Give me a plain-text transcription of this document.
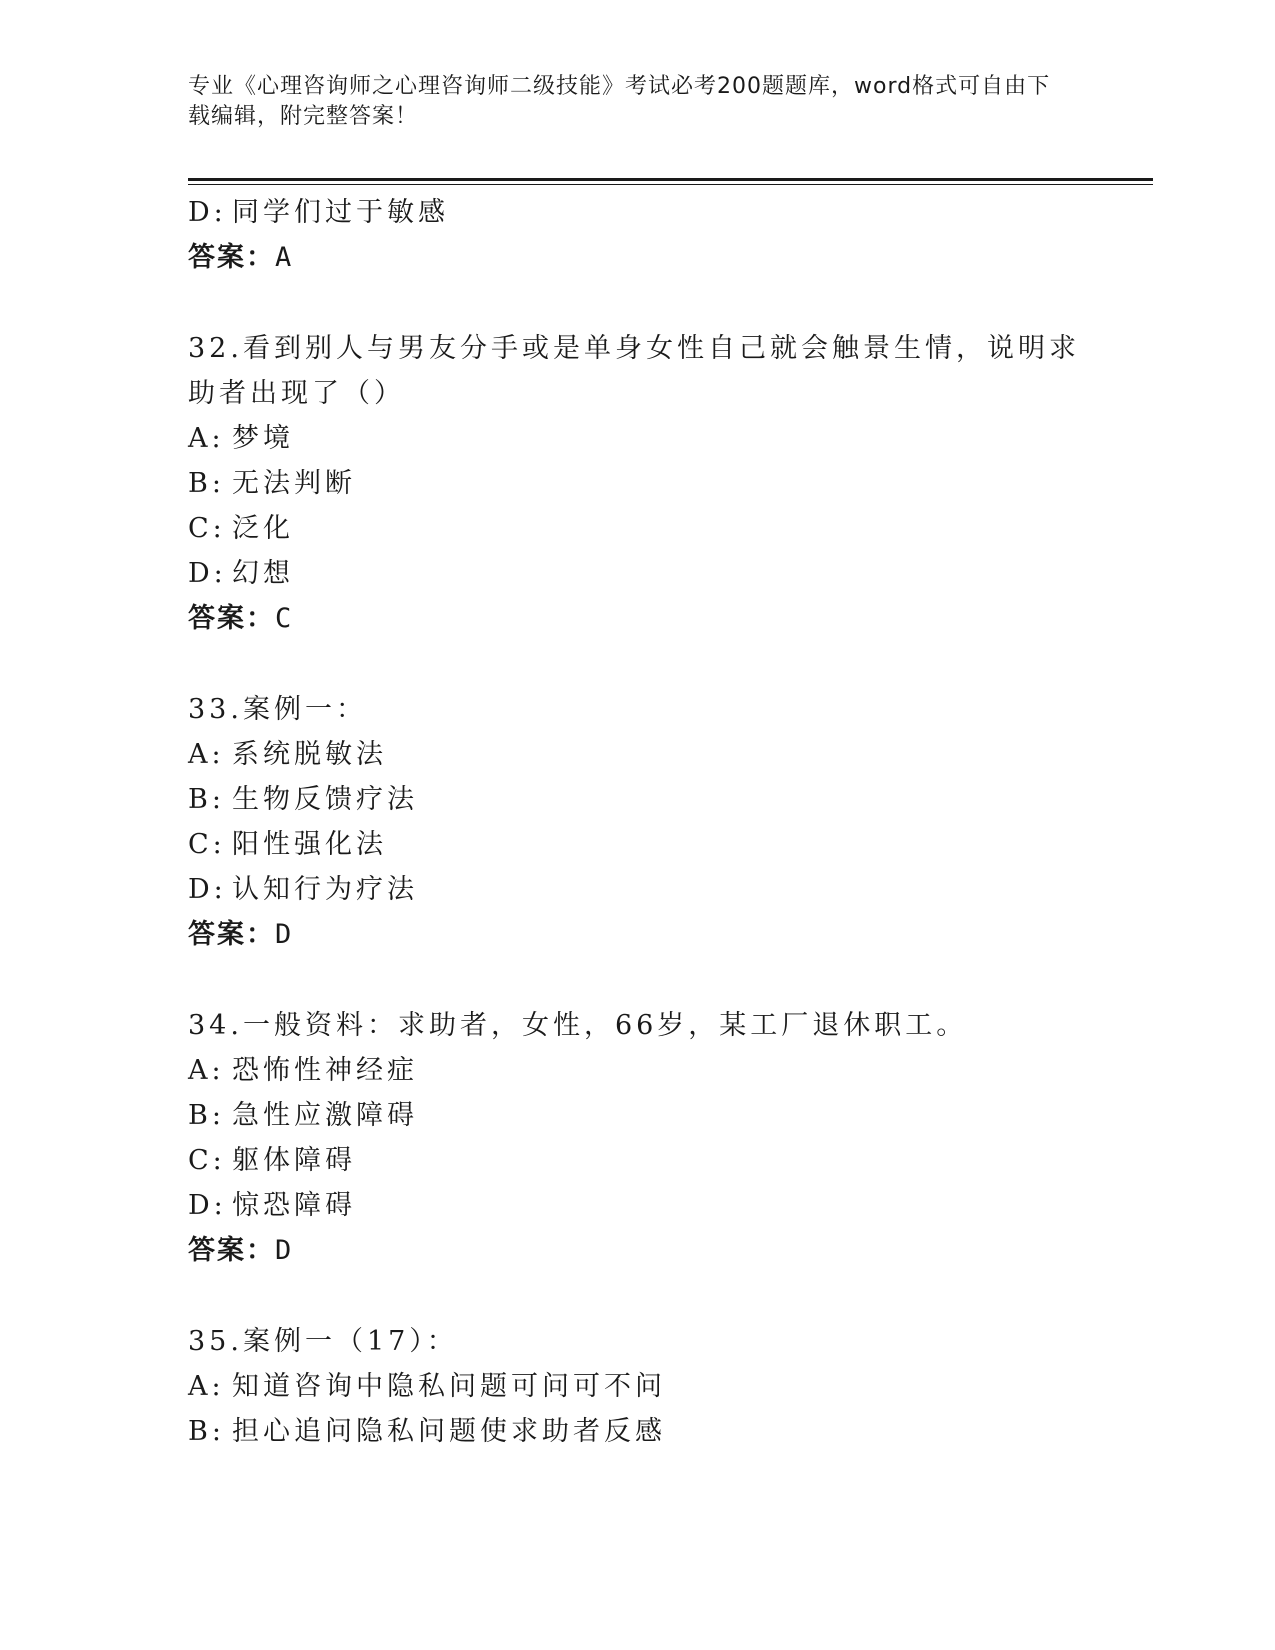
专业《心理咨询师之心理咨询师二级技能》考试必考200题题库，word格式可自由下载编辑，附完整答案！
D: 同学们过于敏感
答案：A
32.看到别人与男友分手或是单身女性自己就会触景生情，说明求助者出现了（）
A: 梦境
B: 无法判断
C: 泛化
D: 幻想
答案：C
33.案例一：
A: 系统脱敏法
B: 生物反馈疗法
C: 阳性强化法
D: 认知行为疗法
答案：D
34.一般资料：求助者，女性，66岁，某工厂退休职工。
A: 恐怖性神经症
B: 急性应激障碍
C: 躯体障碍
D: 惊恐障碍
答案：D
35.案例一（17）：
A: 知道咨询中隐私问题可问可不问
B: 担心追问隐私问题使求助者反感
